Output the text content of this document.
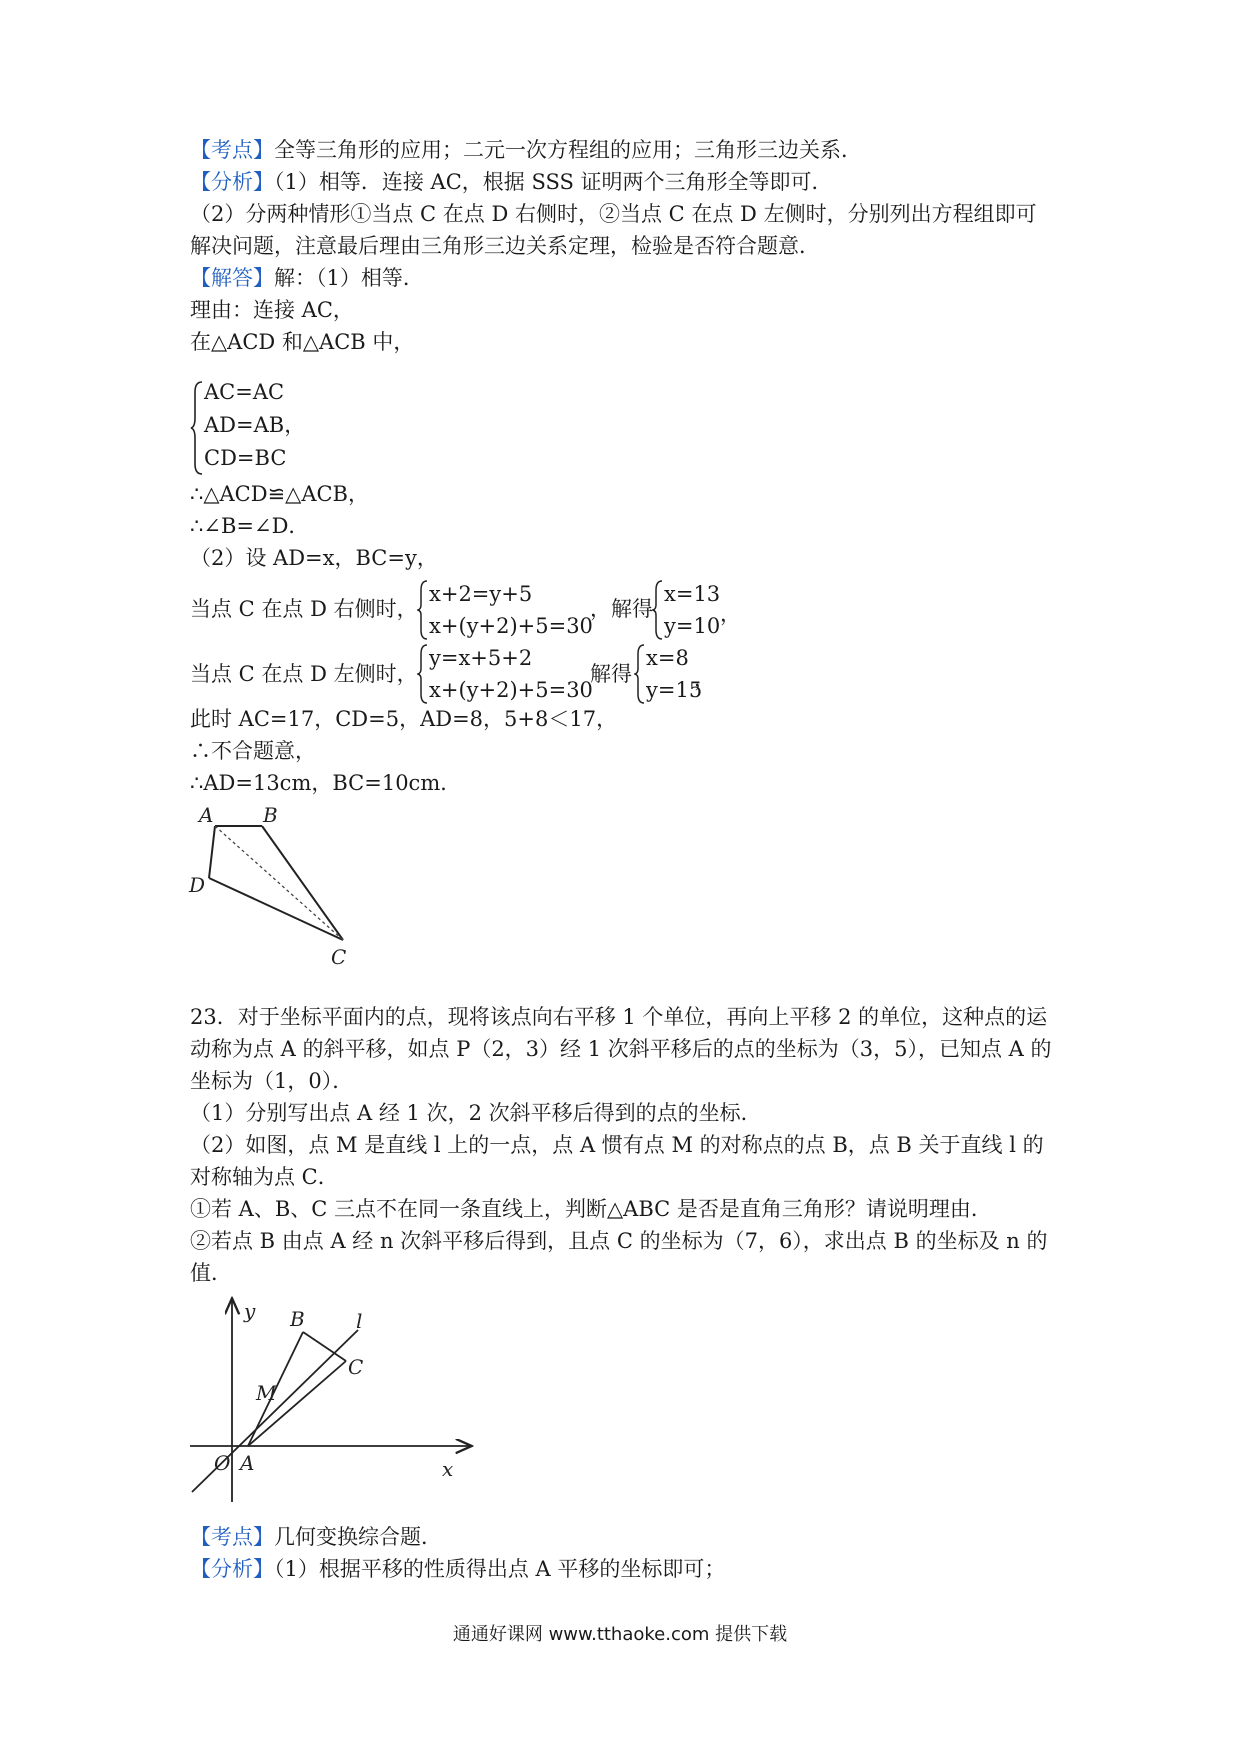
【考点】全等三角形的应用；二元一次方程组的应用；三角形三边关系．
【分析】（1）相等．连接 AC，根据 SSS 证明两个三角形全等即可．
（2）分两种情形①当点 C 在点 D 右侧时，②当点 C 在点 D 左侧时，分别列出方程组即可
解决问题，注意最后理由三角形三边关系定理，检验是否符合题意．
【解答】解：（1）相等．
理由：连接 AC，
在△ACD 和△ACB 中，
AC=AC
AD=AB，
CD=BC
∴△ACD≌△ACB，
∴∠B=∠D．
（2）设 AD=x，BC=y，
当点 C 在点 D 右侧时，
x+2=y+5
x+(y+2)+5=30
，解得
x=13
y=10 ，
当点 C 在点 D 左侧时，
y=x+5+2
x+(y+2)+5=30
解得
x=8
y=15
，
此时 AC=17，CD=5，AD=8，5+8＜17，
∴不合题意，
∴AD=13cm，BC=10cm．
A B
D
C
23．对于坐标平面内的点，现将该点向右平移 1 个单位，再向上平移 2 的单位，这种点的运
动称为点 A 的斜平移，如点 P（2，3）经 1 次斜平移后的点的坐标为（3，5），已知点 A 的
坐标为（1，0）．
（1）分别写出点 A 经 1 次，2 次斜平移后得到的点的坐标．
（2）如图，点 M 是直线 l 上的一点，点 A 惯有点 M 的对称点的点 B，点 B 关于直线 l 的
对称轴为点 C．
①若 A、B、C 三点不在同一条直线上，判断△ABC 是否是直角三角形？请说明理由．
②若点 B 由点 A 经 n 次斜平移后得到，且点 C 的坐标为（7，6），求出点 B 的坐标及 n 的
值．
y
x
O A
B
C
M
l
【考点】几何变换综合题．
【分析】（1）根据平移的性质得出点 A 平移的坐标即可；
通通好课网 www.tthaoke.com 提供下载
